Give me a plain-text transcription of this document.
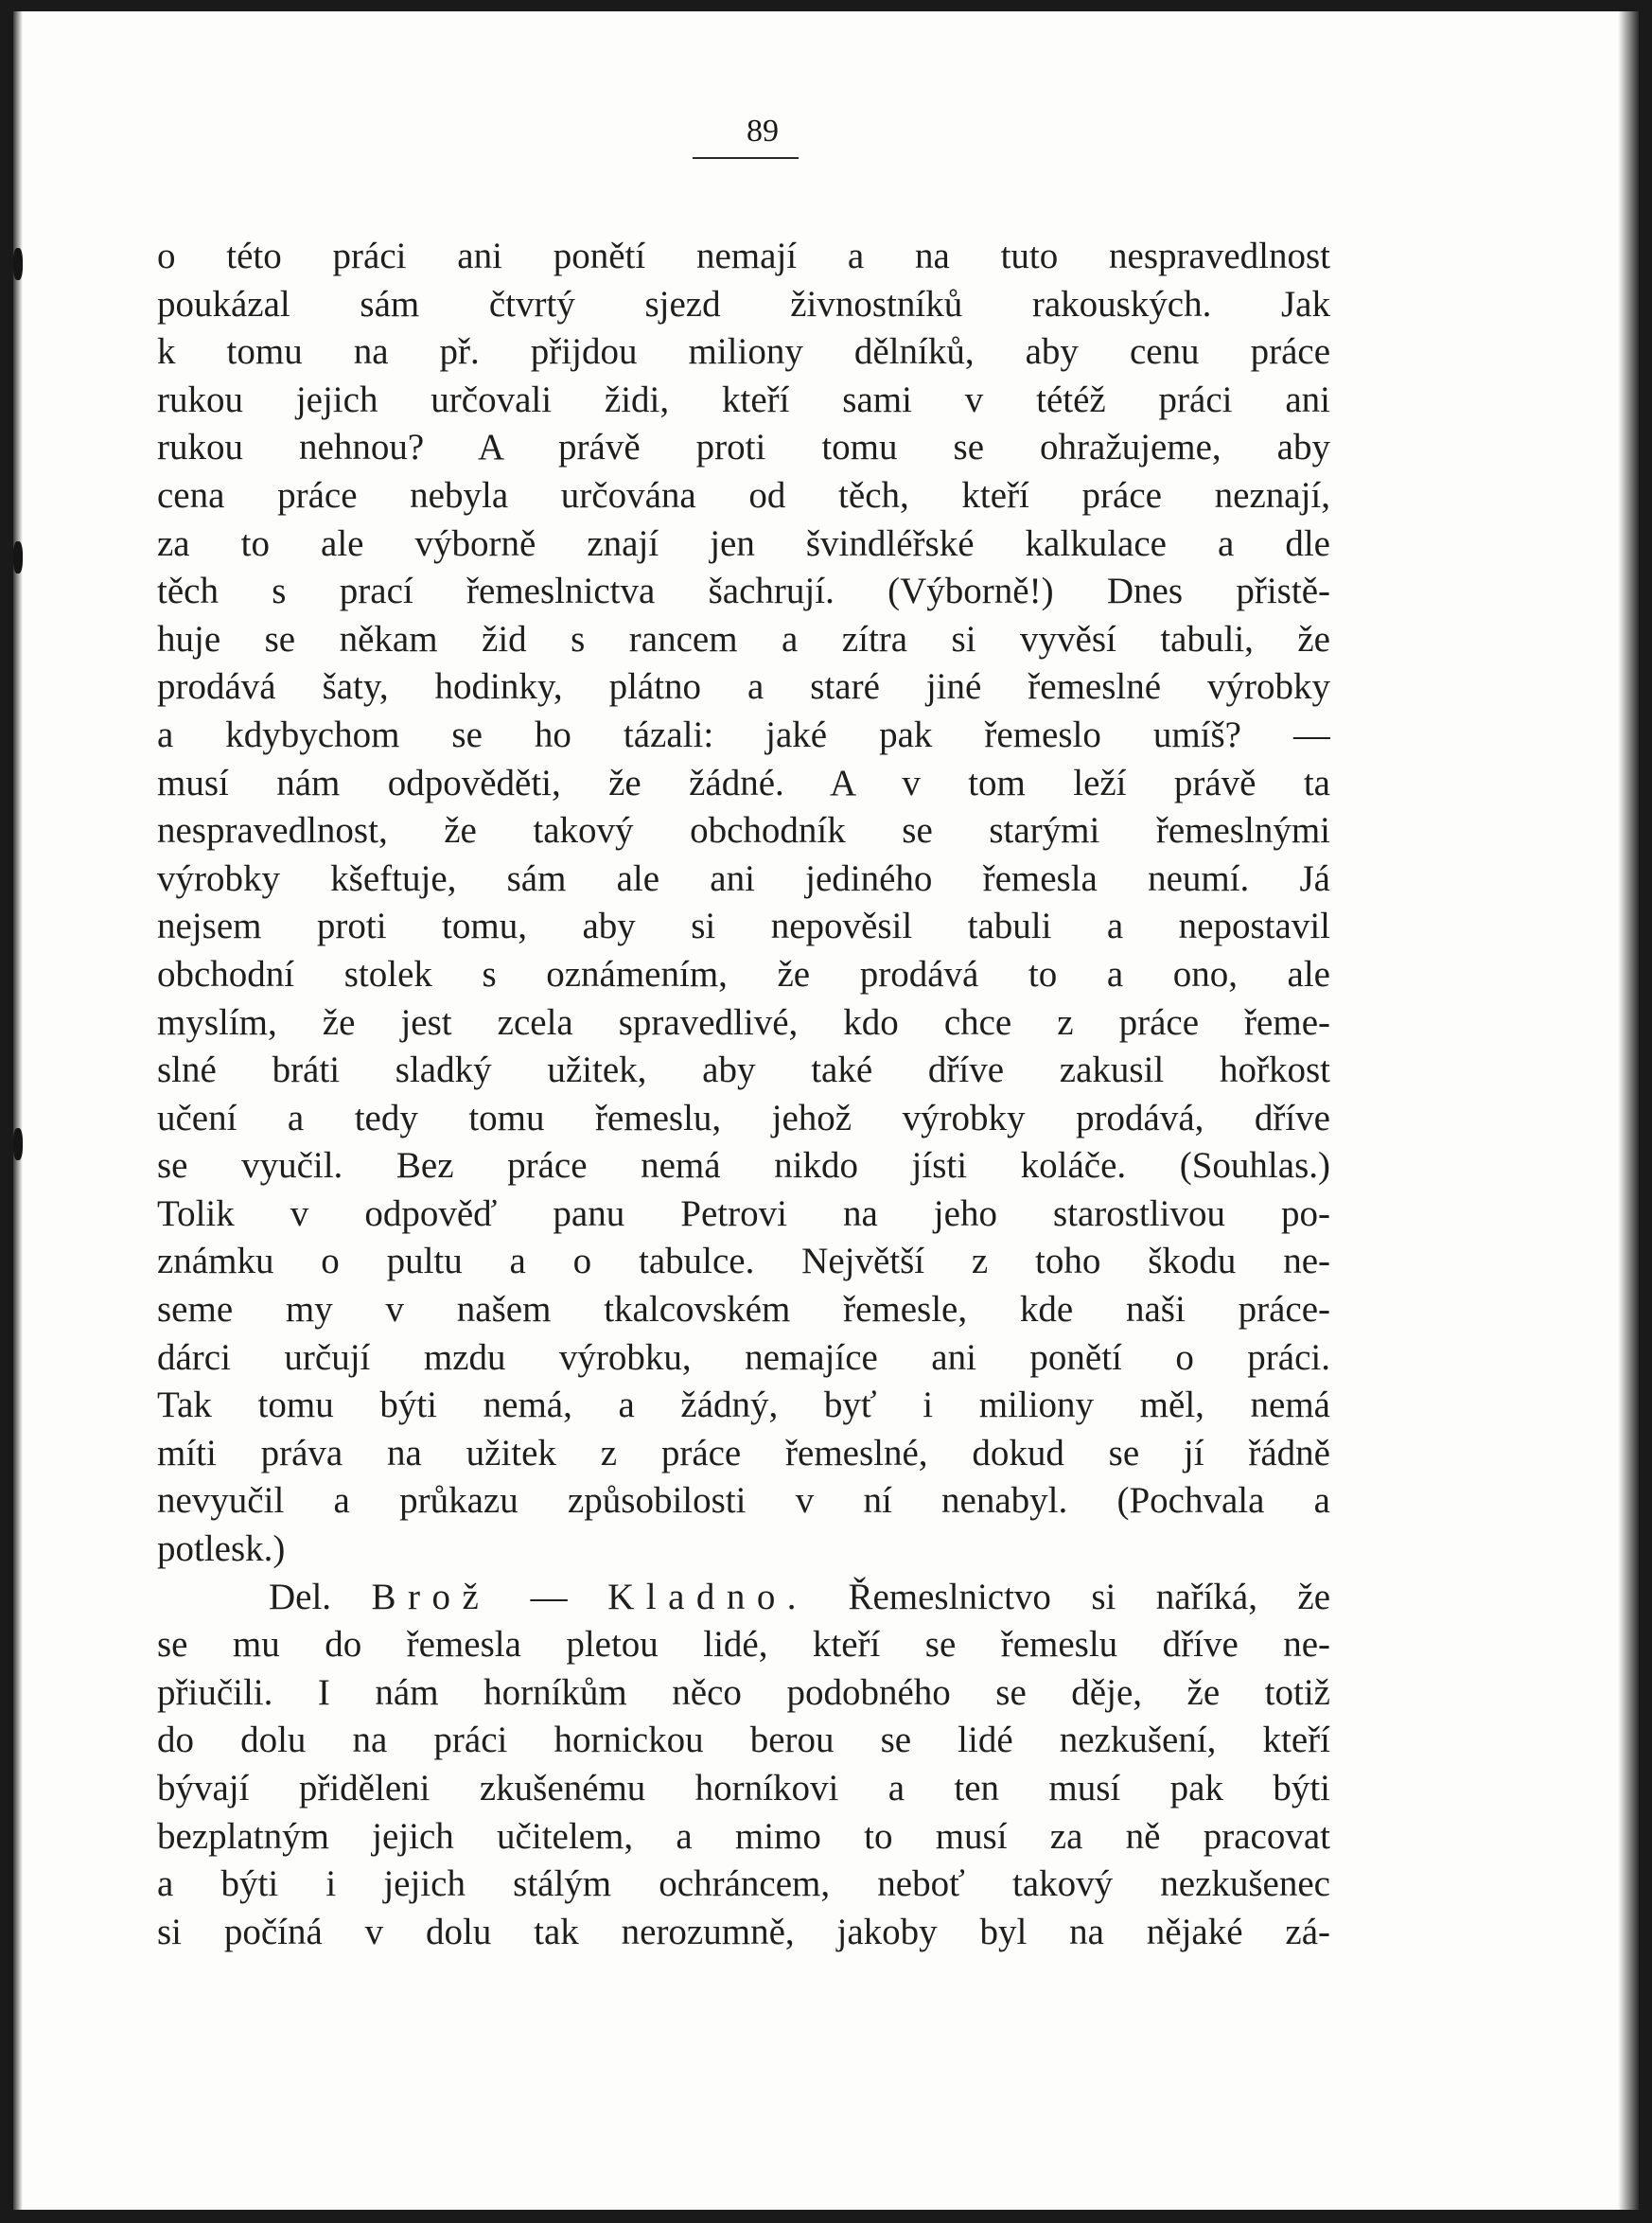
89
o této práci ani ponětí nemají a na tuto nespravedlnost
poukázal sám čtvrtý sjezd živnostníků rakouských. Jak
k tomu na př. přijdou miliony dělníků, aby cenu práce
rukou jejich určovali židi, kteří sami v tétéž práci ani
rukou nehnou? A právě proti tomu se ohražujeme, aby
cena práce nebyla určována od těch, kteří práce neznají,
za to ale výborně znají jen švindléřské kalkulace a dle
těch s prací řemeslnictva šachrují. (Výborně!) Dnes přistě-
huje se někam žid s rancem a zítra si vyvěsí tabuli, že
prodává šaty, hodinky, plátno a staré jiné řemeslné výrobky
a kdybychom se ho tázali: jaké pak řemeslo umíš? —
musí nám odpověděti, že žádné. A v tom leží právě ta
nespravedlnost, že takový obchodník se starými řemeslnými
výrobky kšeftuje, sám ale ani jediného řemesla neumí. Já
nejsem proti tomu, aby si nepověsil tabuli a nepostavil
obchodní stolek s oznámením, že prodává to a ono, ale
myslím, že jest zcela spravedlivé, kdo chce z práce řeme-
slné bráti sladký užitek, aby také dříve zakusil hořkost
učení a tedy tomu řemeslu, jehož výrobky prodává, dříve
se vyučil. Bez práce nemá nikdo jísti koláče. (Souhlas.)
Tolik v odpověď panu Petrovi na jeho starostlivou po-
známku o pultu a o tabulce. Největší z toho škodu ne-
seme my v našem tkalcovském řemesle, kde naši práce-
dárci určují mzdu výrobku, nemajíce ani ponětí o práci.
Tak tomu býti nemá, a žádný, byť i miliony měl, nemá
míti práva na užitek z práce řemeslné, dokud se jí řádně
nevyučil a průkazu způsobilosti v ní nenabyl. (Pochvala a
potlesk.)
Del. Brož — Kladno. Řemeslnictvo si naříká, že
se mu do řemesla pletou lidé, kteří se řemeslu dříve ne-
přiučili. I nám horníkům něco podobného se děje, že totiž
do dolu na práci hornickou berou se lidé nezkušení, kteří
bývají přiděleni zkušenému horníkovi a ten musí pak býti
bezplatným jejich učitelem, a mimo to musí za ně pracovat
a býti i jejich stálým ochráncem, neboť takový nezkušenec
si počíná v dolu tak nerozumně, jakoby byl na nějaké zá-
